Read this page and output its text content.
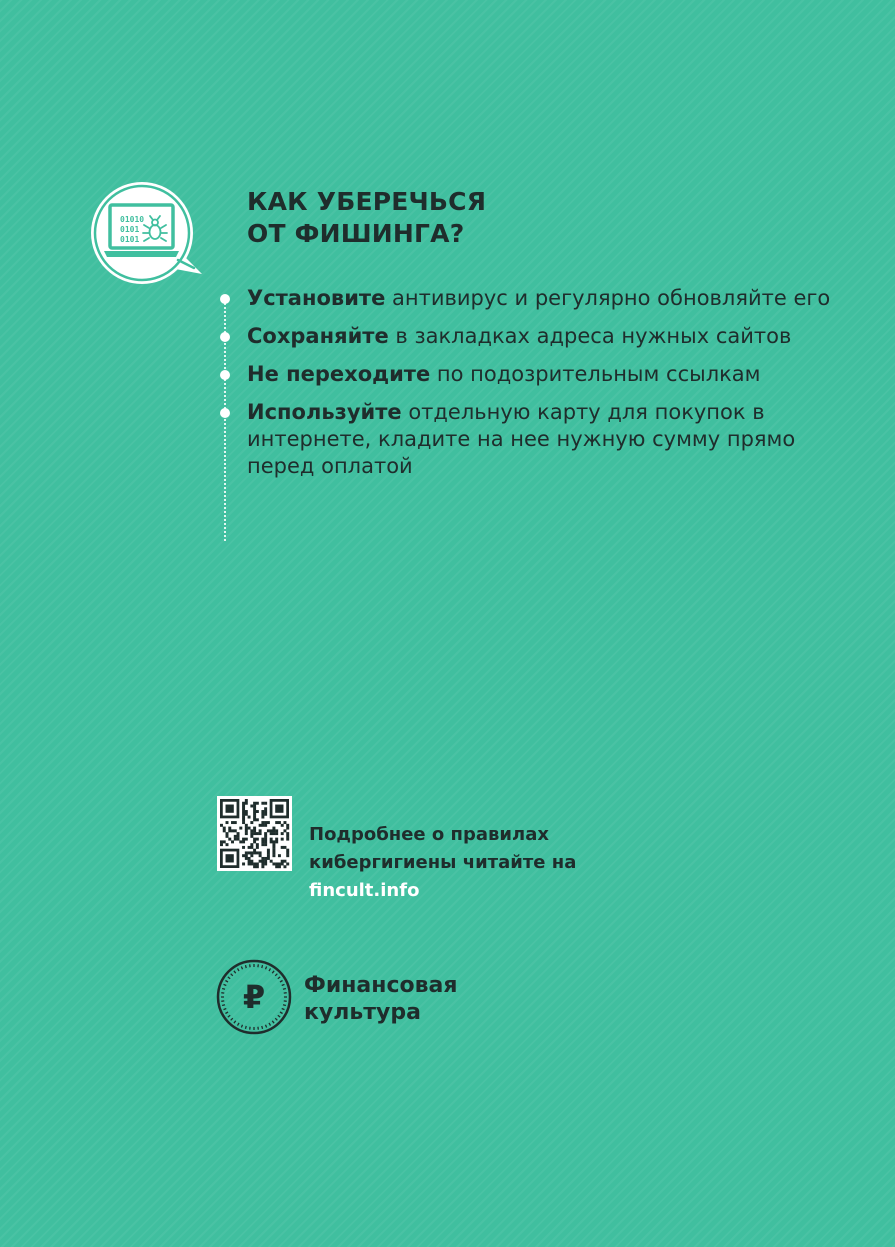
01010
0101
0101
КАК УБЕРЕЧЬСЯ
ОТ ФИШИНГА?
Установите антивирус и регулярно обновляйте его
Сохраняйте в закладках адреса нужных сайтов
Не переходите по подозрительным ссылкам
Используйте отдельную карту для покупок в интернете, кладите на нее нужную сумму прямо перед оплатой
Подробнее о правилах
кибергигиены читайте на
fincult.info
₽ Финансовая
культура
